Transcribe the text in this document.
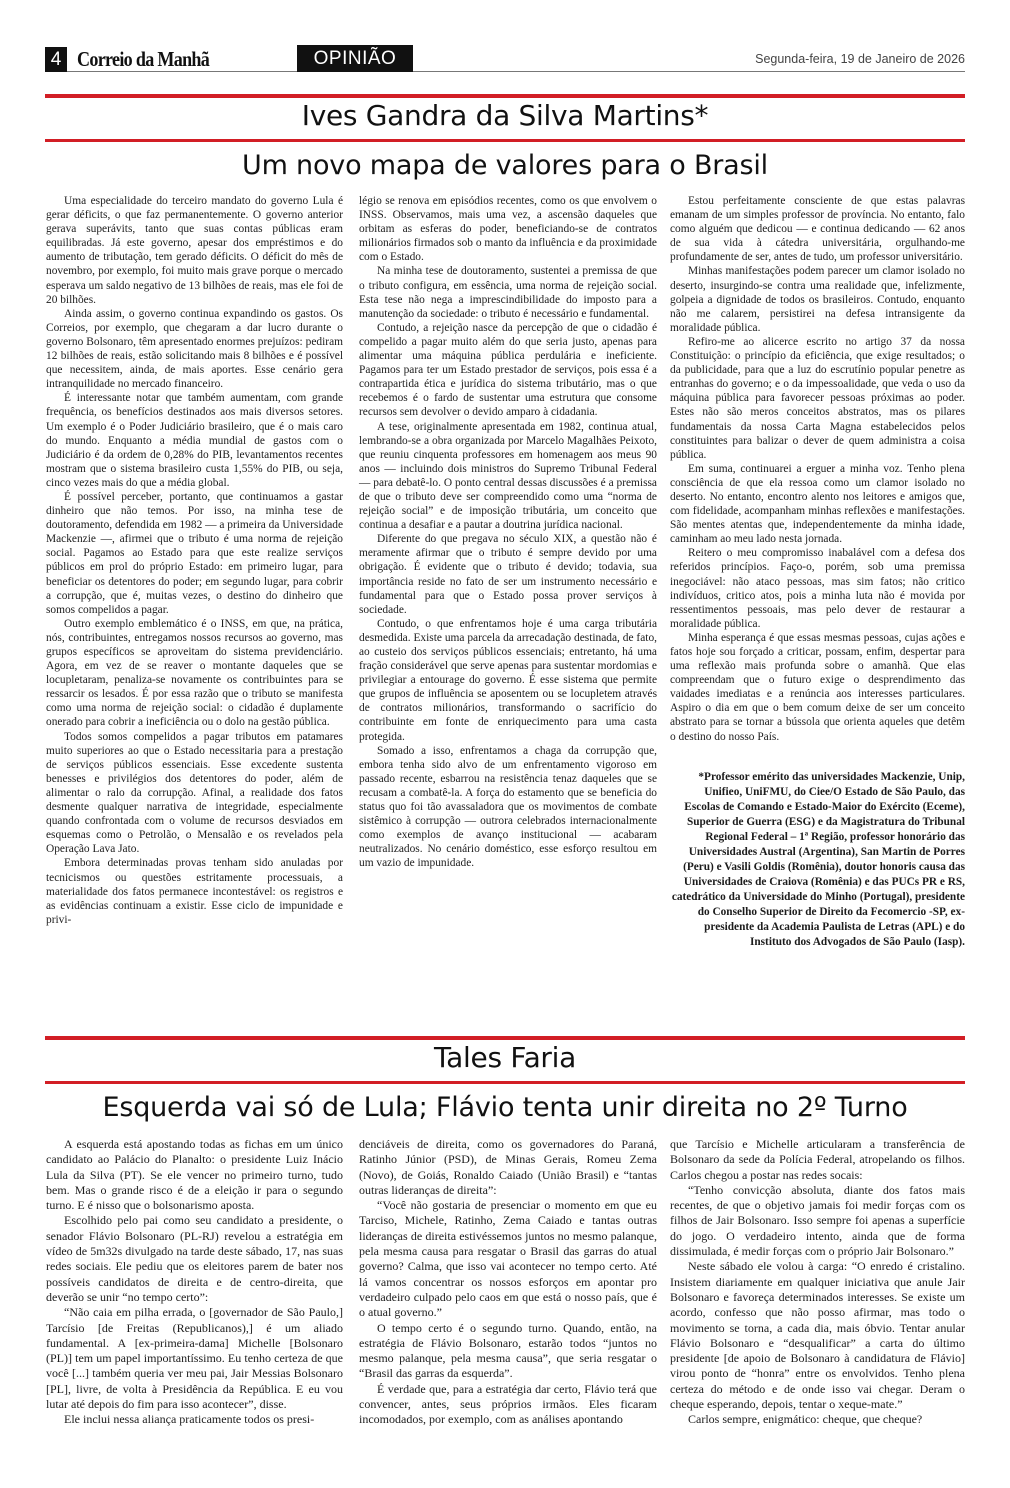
4 Correio da Manhã	OPINIÃO	Segunda-feira, 19 de Janeiro de 2026
Ives Gandra da Silva Martins*
Um novo mapa de valores para o Brasil

Uma especialidade do terceiro mandato do governo Lula é gerar déficits, o que faz permanentemente. O governo anterior gerava superávits, tanto que suas contas públicas eram equilibradas. Já este governo, apesar dos empréstimos e do aumento de tributação, tem gerado déficits. O déficit do mês de novembro, por exemplo, foi muito mais grave porque o mercado esperava um saldo negativo de 13 bilhões de reais, mas ele foi de 20 bilhões.

Ainda assim, o governo continua expandindo os gastos. Os Correios, por exemplo, que chegaram a dar lucro durante o governo Bolsonaro, têm apresentado enormes prejuízos: pediram 12 bilhões de reais, estão solicitando mais 8 bilhões e é possível que necessitem, ainda, de mais aportes. Esse cenário gera intranquilidade no mercado financeiro.

É interessante notar que também aumentam, com grande frequência, os benefícios destinados aos mais diversos setores. Um exemplo é o Poder Judiciário brasileiro, que é o mais caro do mundo. Enquanto a média mundial de gastos com o Judiciário é da ordem de 0,28% do PIB, levantamentos recentes mostram que o sistema brasileiro custa 1,55% do PIB, ou seja, cinco vezes mais do que a média global.

É possível perceber, portanto, que continuamos a gastar dinheiro que não temos. Por isso, na minha tese de doutoramento, defendida em 1982 — a primeira da Universidade Mackenzie —, afirmei que o tributo é uma norma de rejeição social. Pagamos ao Estado para que este realize serviços públicos em prol do próprio Estado: em primeiro lugar, para beneficiar os detentores do poder; em segundo lugar, para cobrir a corrupção, que é, muitas vezes, o destino do dinheiro que somos compelidos a pagar.

Outro exemplo emblemático é o INSS, em que, na prática, nós, contribuintes, entregamos nossos recursos ao governo, mas grupos específicos se aproveitam do sistema previdenciário. Agora, em vez de se reaver o montante daqueles que se locupletaram, penaliza-se novamente os contribuintes para se ressarcir os lesados. É por essa razão que o tributo se manifesta como uma norma de rejeição social: o cidadão é duplamente onerado para cobrir a ineficiência ou o dolo na gestão pública.

Todos somos compelidos a pagar tributos em patamares muito superiores ao que o Estado necessitaria para a prestação de serviços públicos essenciais. Esse excedente sustenta benesses e privilégios dos detentores do poder, além de alimentar o ralo da corrupção. Afinal, a realidade dos fatos desmente qualquer narrativa de integridade, especialmente quando confrontada com o volume de recursos desviados em esquemas como o Petrolão, o Mensalão e os revelados pela Operação Lava Jato.

Embora determinadas provas tenham sido anuladas por tecnicismos ou questões estritamente processuais, a materialidade dos fatos permanece incontestável: os registros e as evidências continuam a existir. Esse ciclo de impunidade e privi-

légio se renova em episódios recentes, como os que envolvem o INSS. Observamos, mais uma vez, a ascensão daqueles que orbitam as esferas do poder, beneficiando-se de contratos milionários firmados sob o manto da influência e da proximidade com o Estado.

Na minha tese de doutoramento, sustentei a premissa de que o tributo configura, em essência, uma norma de rejeição social. Esta tese não nega a imprescindibilidade do imposto para a manutenção da sociedade: o tributo é necessário e fundamental.

Contudo, a rejeição nasce da percepção de que o cidadão é compelido a pagar muito além do que seria justo, apenas para alimentar uma máquina pública perdulária e ineficiente. Pagamos para ter um Estado prestador de serviços, pois essa é a contrapartida ética e jurídica do sistema tributário, mas o que recebemos é o fardo de sustentar uma estrutura que consome recursos sem devolver o devido amparo à cidadania.

A tese, originalmente apresentada em 1982, continua atual, lembrando-se a obra organizada por Marcelo Magalhães Peixoto, que reuniu cinquenta professores em homenagem aos meus 90 anos — incluindo dois ministros do Supremo Tribunal Federal — para debatê-lo. O ponto central dessas discussões é a premissa de que o tributo deve ser compreendido como uma “norma de rejeição social” e de imposição tributária, um conceito que continua a desafiar e a pautar a doutrina jurídica nacional.

Diferente do que pregava no século XIX, a questão não é meramente afirmar que o tributo é sempre devido por uma obrigação. É evidente que o tributo é devido; todavia, sua importância reside no fato de ser um instrumento necessário e fundamental para que o Estado possa prover serviços à sociedade.

Contudo, o que enfrentamos hoje é uma carga tributária desmedida. Existe uma parcela da arrecadação destinada, de fato, ao custeio dos serviços públicos essenciais; entretanto, há uma fração considerável que serve apenas para sustentar mordomias e privilegiar a entourage do governo. É esse sistema que permite que grupos de influência se aposentem ou se locupletem através de contratos milionários, transformando o sacrifício do contribuinte em fonte de enriquecimento para uma casta protegida.

Somado a isso, enfrentamos a chaga da corrupção que, embora tenha sido alvo de um enfrentamento vigoroso em passado recente, esbarrou na resistência tenaz daqueles que se recusam a combatê-la. A força do estamento que se beneficia do status quo foi tão avassaladora que os movimentos de combate sistêmico à corrupção — outrora celebrados internacionalmente como exemplos de avanço institucional — acabaram neutralizados. No cenário doméstico, esse esforço resultou em um vazio de impunidade.

Estou perfeitamente consciente de que estas palavras emanam de um simples professor de província. No entanto, falo como alguém que dedicou — e continua dedicando — 62 anos de sua vida à cátedra universitária, orgulhando-me profundamente de ser, antes de tudo, um professor universitário.

Minhas manifestações podem parecer um clamor isolado no deserto, insurgindo-se contra uma realidade que, infelizmente, golpeia a dignidade de todos os brasileiros. Contudo, enquanto não me calarem, persistirei na defesa intransigente da moralidade pública.

Refiro-me ao alicerce escrito no artigo 37 da nossa Constituição: o princípio da eficiência, que exige resultados; o da publicidade, para que a luz do escrutínio popular penetre as entranhas do governo; e o da impessoalidade, que veda o uso da máquina pública para favorecer pessoas próximas ao poder. Estes não são meros conceitos abstratos, mas os pilares fundamentais da nossa Carta Magna estabelecidos pelos constituintes para balizar o dever de quem administra a coisa pública.

Em suma, continuarei a erguer a minha voz. Tenho plena consciência de que ela ressoa como um clamor isolado no deserto. No entanto, encontro alento nos leitores e amigos que, com fidelidade, acompanham minhas reflexões e manifestações. São mentes atentas que, independentemente da minha idade, caminham ao meu lado nesta jornada.

Reitero o meu compromisso inabalável com a defesa dos referidos princípios. Faço-o, porém, sob uma premissa inegociável: não ataco pessoas, mas sim fatos; não critico indivíduos, critico atos, pois a minha luta não é movida por ressentimentos pessoais, mas pelo dever de restaurar a moralidade pública.

Minha esperança é que essas mesmas pessoas, cujas ações e fatos hoje sou forçado a criticar, possam, enfim, despertar para uma reflexão mais profunda sobre o amanhã. Que elas compreendam que o futuro exige o desprendimento das vaidades imediatas e a renúncia aos interesses particulares. Aspiro o dia em que o bem comum deixe de ser um conceito abstrato para se tornar a bússola que orienta aqueles que detêm o destino do nosso País.

*Professor emérito das universidades Mackenzie, Unip, Unifieo, UniFMU, do Ciee/O Estado de São Paulo, das Escolas de Comando e Estado-Maior do Exército (Eceme), Superior de Guerra (ESG) e da Magistratura do Tribunal Regional Federal – 1ª Região, professor honorário das Universidades Austral (Argentina), San Martin de Porres (Peru) e Vasili Goldis (Romênia), doutor honoris causa das Universidades de Craiova (Romênia) e das PUCs PR e RS, catedrático da Universidade do Minho (Portugal), presidente do Conselho Superior de Direito da Fecomercio -SP, ex-presidente da Academia Paulista de Letras (APL) e do Instituto dos Advogados de São Paulo (Iasp).

Tales Faria
Esquerda vai só de Lula; Flávio tenta unir direita no 2º Turno

A esquerda está apostando todas as fichas em um único candidato ao Palácio do Planalto: o presidente Luiz Inácio Lula da Silva (PT). Se ele vencer no primeiro turno, tudo bem. Mas o grande risco é de a eleição ir para o segundo turno. E é nisso que o bolsonarismo aposta.

Escolhido pelo pai como seu candidato a presidente, o senador Flávio Bolsonaro (PL-RJ) revelou a estratégia em vídeo de 5m32s divulgado na tarde deste sábado, 17, nas suas redes sociais. Ele pediu que os eleitores parem de bater nos possíveis candidatos de direita e de centro-direita, que deverão se unir “no tempo certo”:

“Não caia em pilha errada, o [governador de São Paulo,] Tarcísio [de Freitas (Republicanos),] é um aliado fundamental. A [ex-primeira-dama] Michelle [Bolsonaro (PL)] tem um papel importantíssimo. Eu tenho certeza de que você [...] também queria ver meu pai, Jair Messias Bolsonaro [PL], livre, de volta à Presidência da República. E eu vou lutar até depois do fim para isso acontecer”, disse.

Ele inclui nessa aliança praticamente todos os presi-

denciáveis de direita, como os governadores do Paraná, Ratinho Júnior (PSD), de Minas Gerais, Romeu Zema (Novo), de Goiás, Ronaldo Caiado (União Brasil) e “tantas outras lideranças de direita”:

“Você não gostaria de presenciar o momento em que eu Tarciso, Michele, Ratinho, Zema Caiado e tantas outras lideranças de direita estivéssemos juntos no mesmo palanque, pela mesma causa para resgatar o Brasil das garras do atual governo? Calma, que isso vai acontecer no tempo certo. Até lá vamos concentrar os nossos esforços em apontar pro verdadeiro culpado pelo caos em que está o nosso país, que é o atual governo.”

O tempo certo é o segundo turno. Quando, então, na estratégia de Flávio Bolsonaro, estarão todos “juntos no mesmo palanque, pela mesma causa”, que seria resgatar o “Brasil das garras da esquerda”.

É verdade que, para a estratégia dar certo, Flávio terá que convencer, antes, seus próprios irmãos. Eles ficaram incomodados, por exemplo, com as análises apontando

que Tarcísio e Michelle articularam a transferência de Bolsonaro da sede da Polícia Federal, atropelando os filhos. Carlos chegou a postar nas redes socais:

“Tenho convicção absoluta, diante dos fatos mais recentes, de que o objetivo jamais foi medir forças com os filhos de Jair Bolsonaro. Isso sempre foi apenas a superfície do jogo. O verdadeiro intento, ainda que de forma dissimulada, é medir forças com o próprio Jair Bolsonaro.”

Neste sábado ele volou à carga: “O enredo é cristalino. Insistem diariamente em qualquer iniciativa que anule Jair Bolsonaro e favoreça determinados interesses. Se existe um acordo, confesso que não posso afirmar, mas todo o movimento se torna, a cada dia, mais óbvio. Tentar anular Flávio Bolsonaro e “desqualificar” a carta do último presidente [de apoio de Bolsonaro à candidatura de Flávio] virou ponto de “honra” entre os envolvidos. Tenho plena certeza do método e de onde isso vai chegar. Deram o cheque esperando, depois, tentar o xeque-mate.”

Carlos sempre, enigmático: cheque, que cheque?
